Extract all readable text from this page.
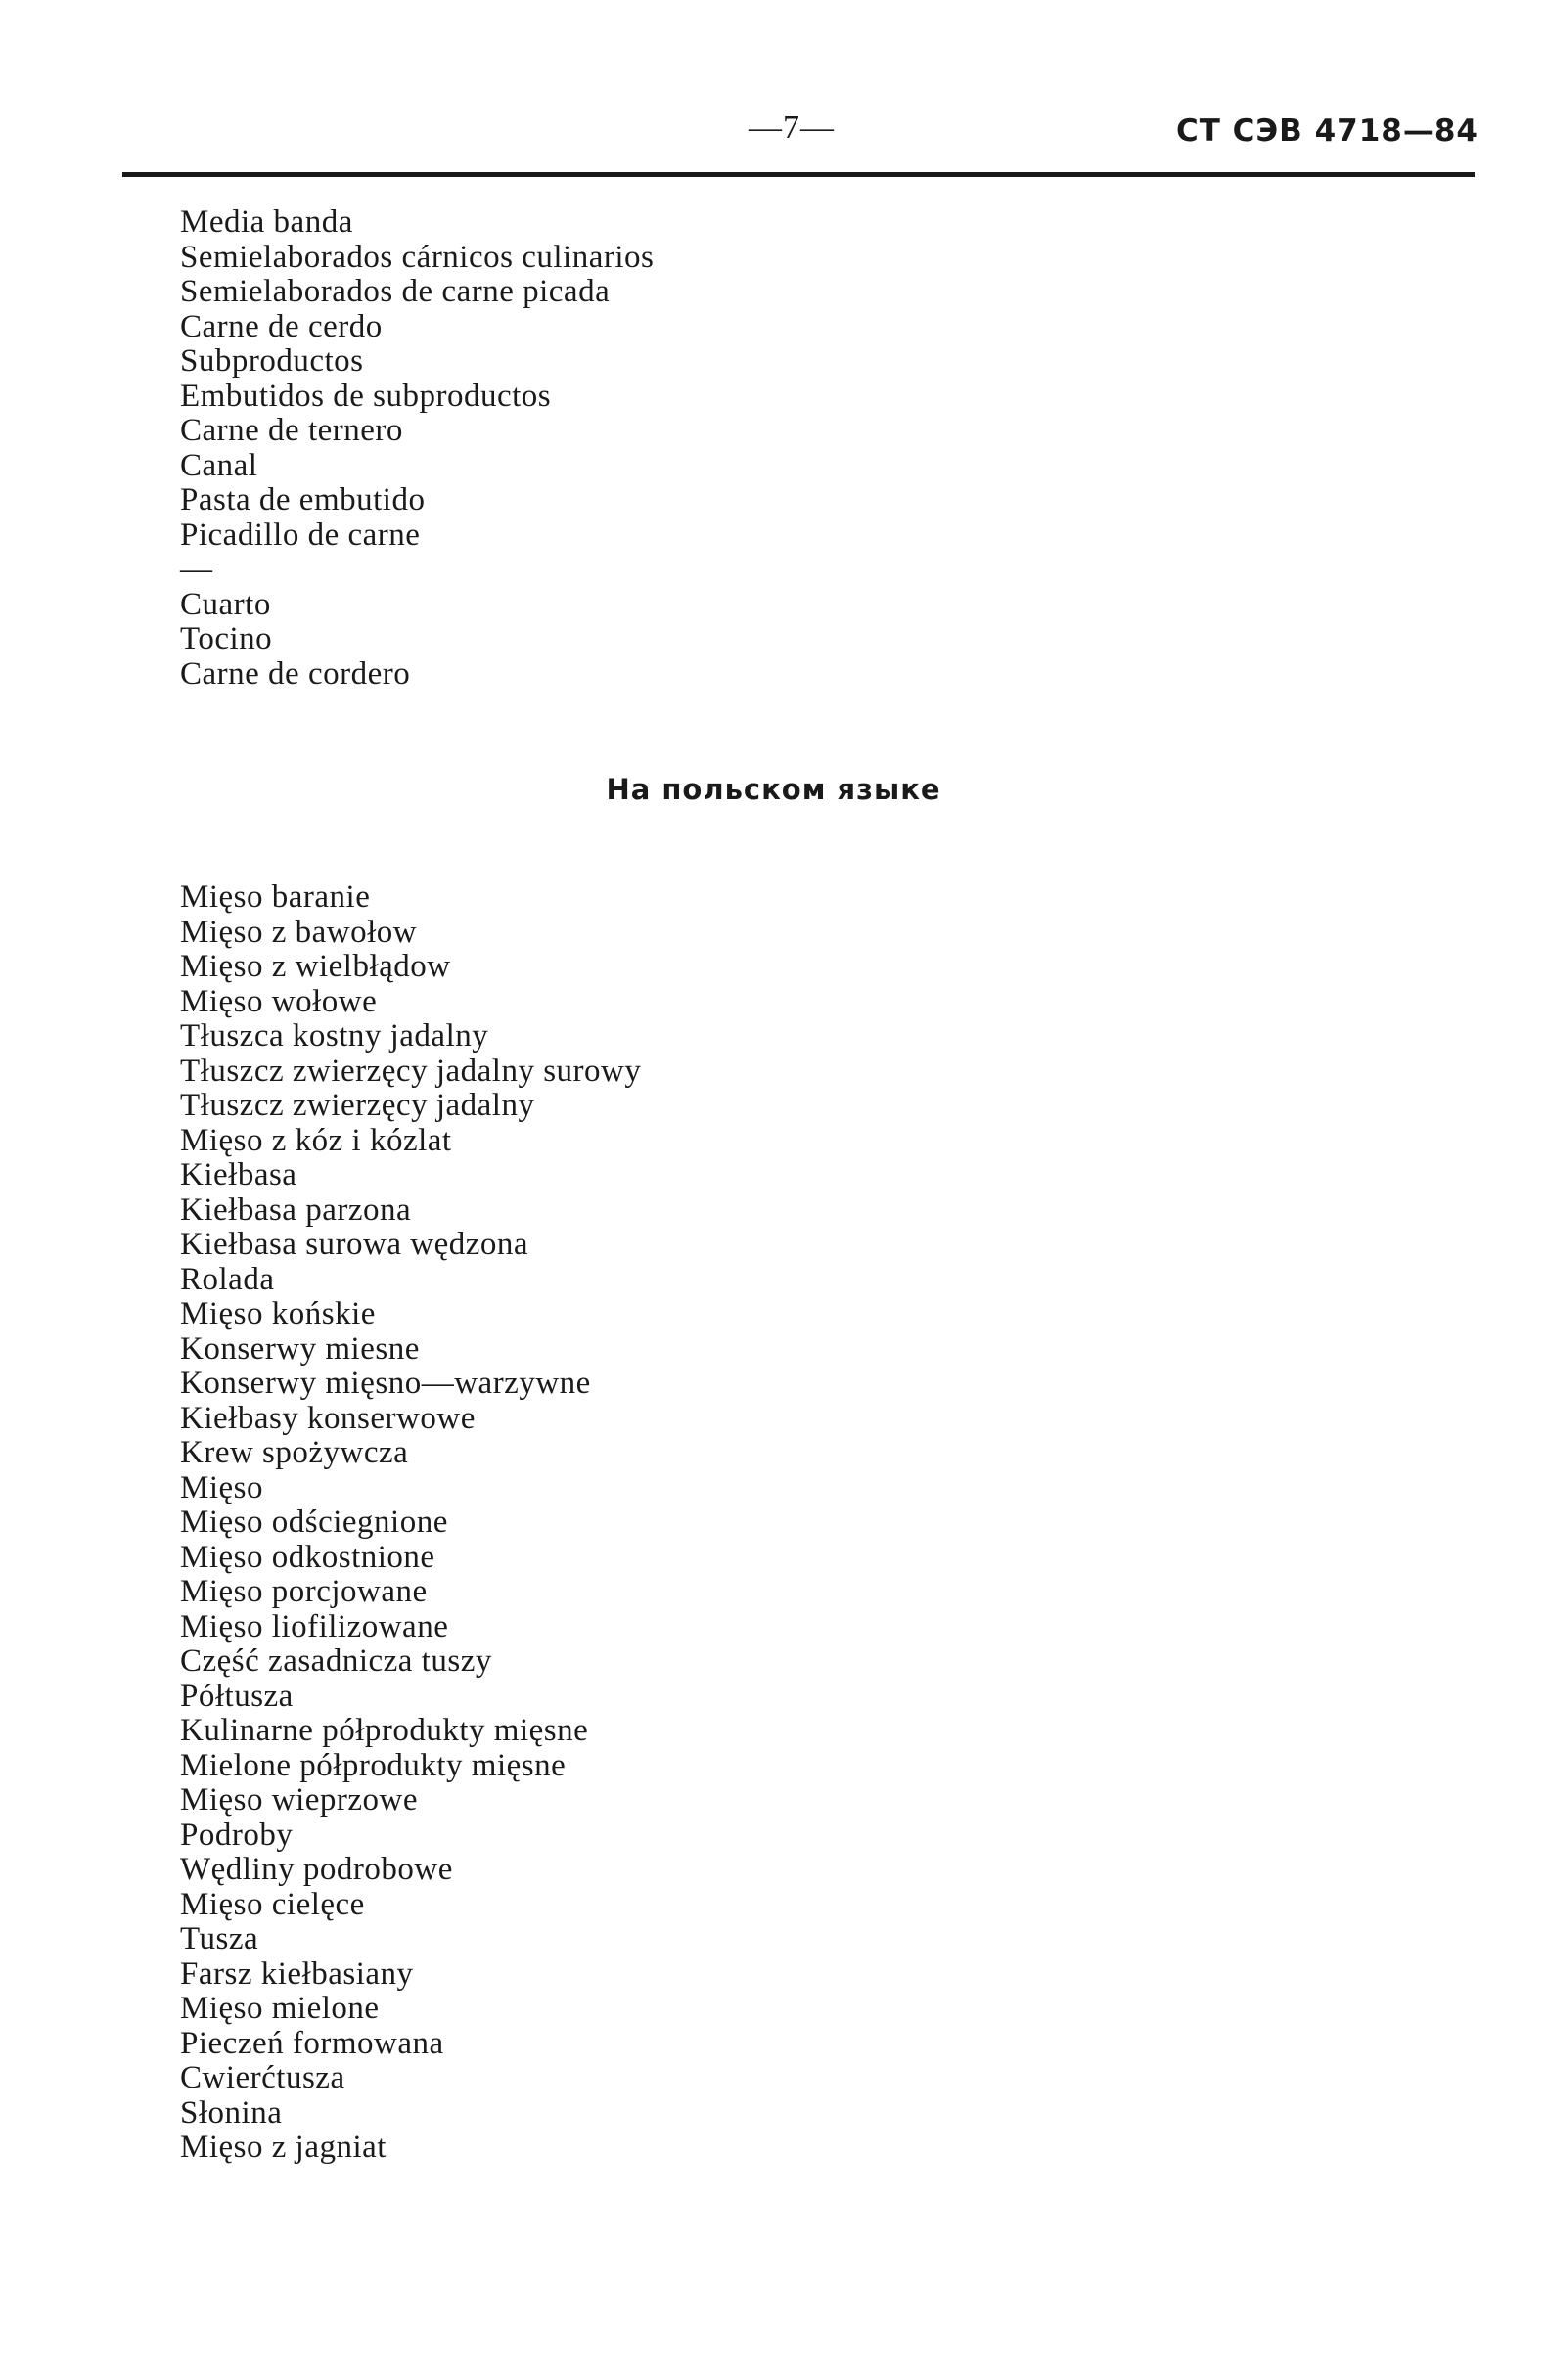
—7—	СТ СЭВ 4718—84
Media banda
Semielaborados cárnicos culinarios
Semielaborados de carne picada
Carne de cerdo
Subproductos
Embutidos de subproductos
Carne de ternero
Canal
Pasta de embutido
Picadillo de carne
—
Cuarto
Tocino
Carne de cordero
На польском языке
Mięso baranie
Mięso z bawołow
Mięso z wielbłądow
Mięso wołowe
Tłuszca kostny jadalny
Tłuszcz zwierzęcy jadalny surowy
Tłuszcz zwierzęcy jadalny
Mięso z kóz i kózlat
Kiełbasa
Kiełbasa parzona
Kiełbasa surowa wędzona
Rolada
Mięso końskie
Konserwy miesne
Konserwy mięsno—warzywne
Kiełbasy konserwowe
Krew spożywcza
Mięso
Mięso odściegnione
Mięso odkostnione
Mięso porcjowane
Mięso liofilizowane
Część zasadnicza tuszy
Półtusza
Kulinarne półprodukty mięsne
Mielone półprodukty mięsne
Mięso wieprzowe
Podroby
Wędliny podrobowe
Mięso cielęce
Tusza
Farsz kiełbasiany
Mięso mielone
Pieczeń formowana
Cwierćtusza
Słonina
Mięso z jagniat
